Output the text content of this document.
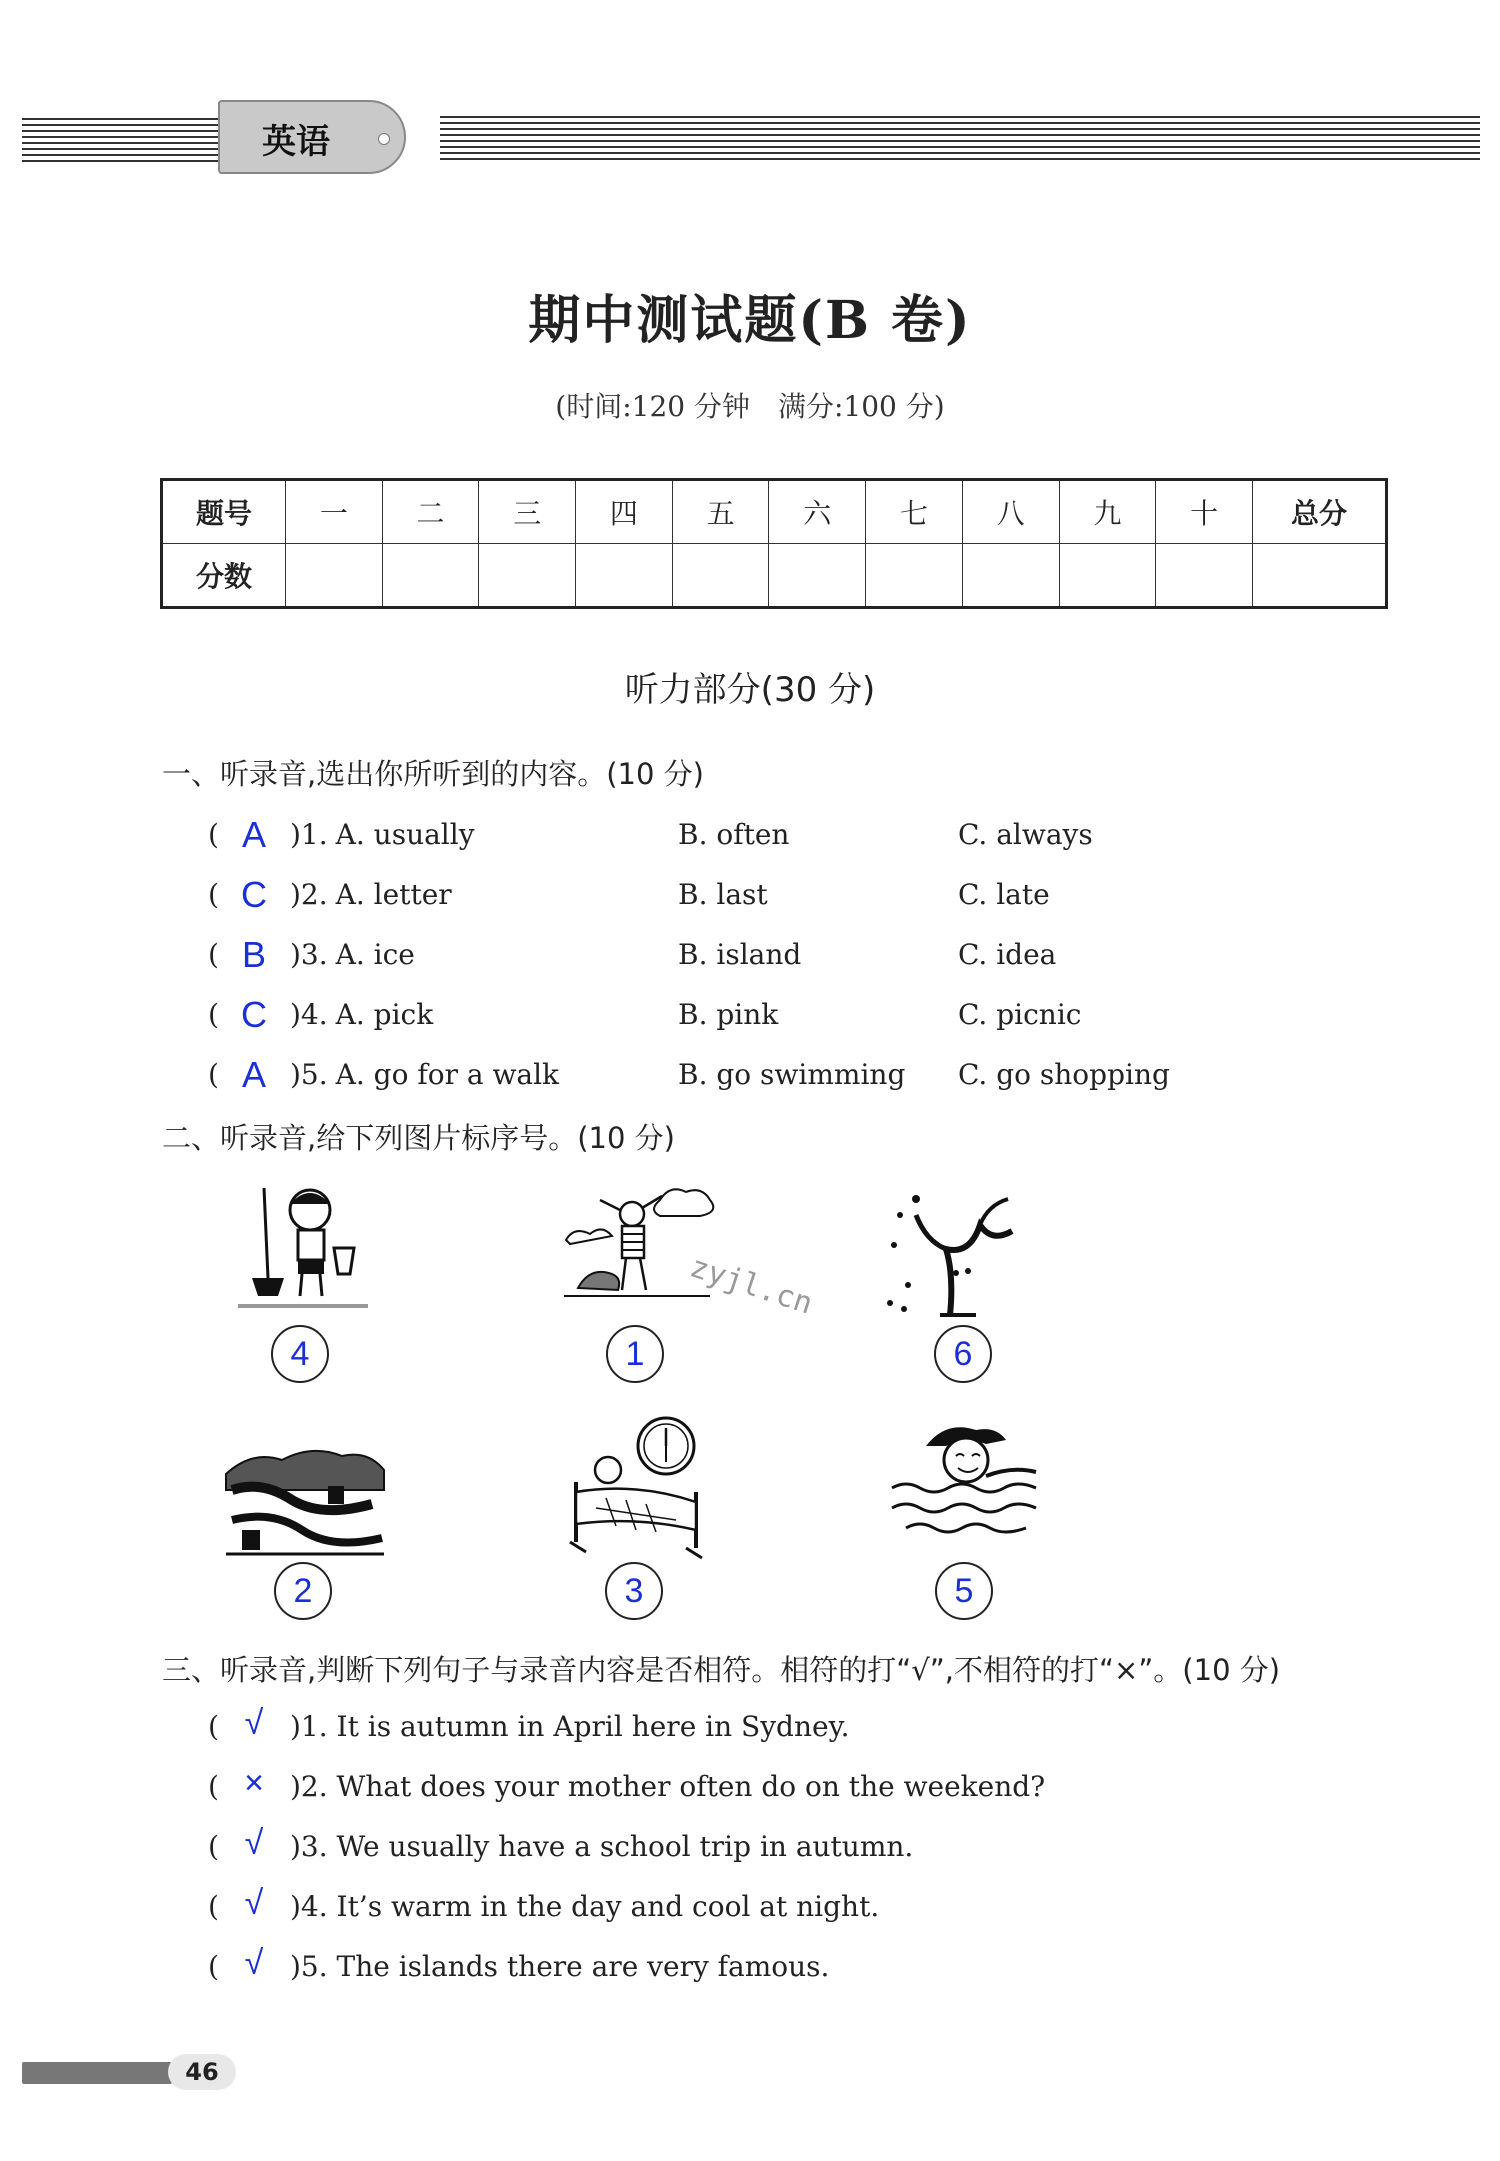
英语
期中测试题(B 卷)
(时间:120 分钟　满分:100 分)
题号	一	二	三	四	五	六	七	八	九	十	总分
分数											
听力部分(30 分)
一、听录音,选出你所听到的内容。(10 分)
( A )1. A. usually	B. often	C. always
( C )2. A. letter	B. last	C. late
( B )3. A. ice	B. island	C. idea
( C )4. A. pick	B. pink	C. picnic
( A )5. A. go for a walk	B. go swimming C. go shopping
二、听录音,给下列图片标序号。(10 分)
4	1	6
zyjl.cn
2	3	5
三、听录音,判断下列句子与录音内容是否相符。相符的打“√”,不相符的打“×”。(10 分)
( √ )1. It is autumn in April here in Sydney.
( × )2. What does your mother often do on the weekend?
( √ )3. We usually have a school trip in autumn.
( √ )4. It’s warm in the day and cool at night.
( √ )5. The islands there are very famous.
46
